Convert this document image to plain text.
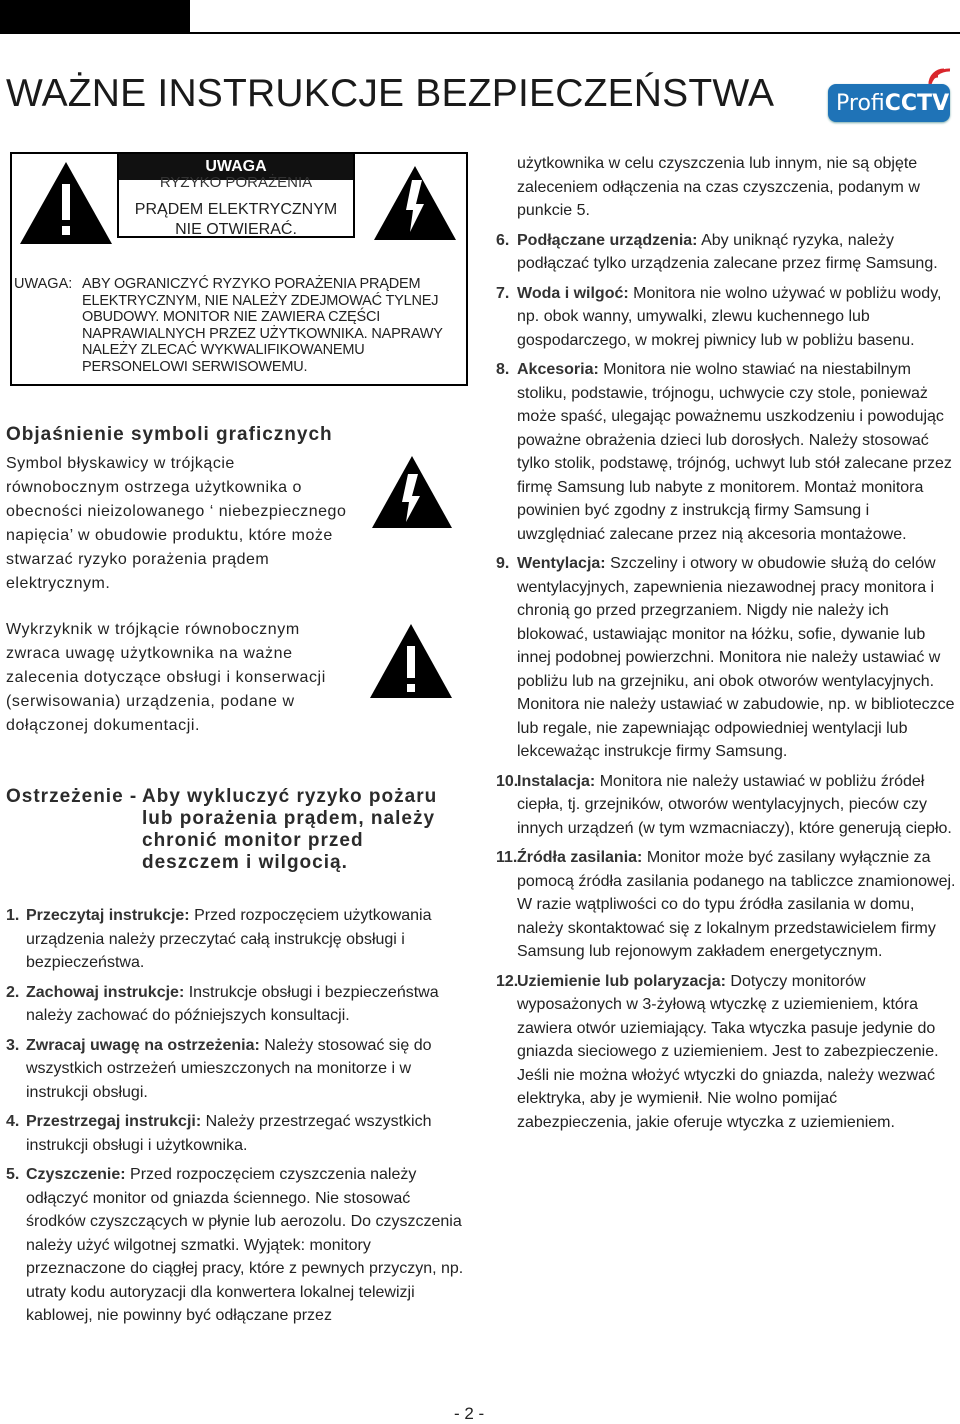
WAŻNE INSTRUKCJE BEZPIECZEŃSTWA	ProfiCCTV
UWAGA
RYZYKO PORAŻENIA
PRĄDEM ELEKTRYCZNYM
NIE OTWIERAĆ.
UWAGA: ABY OGRANICZYĆ RYZYKO PORAŻENIA PRĄDEM ELEKTRYCZNYM, NIE NALEŻY ZDEJMOWAĆ TYLNEJ OBUDOWY. MONITOR NIE ZAWIERA CZĘŚCI NAPRAWIALNYCH PRZEZ UŻYTKOWNIKA. NAPRAWY NALEŻY ZLECAĆ WYKWALIFIKOWANEMU PERSONELOWI SERWISOWEMU.
Objaśnienie symboli graficznych
Symbol błyskawicy w trójkącie równobocznym ostrzega użytkownika o obecności nieizolowanego ‘ niebezpiecznego napięcia’ w obudowie produktu, które może stwarzać ryzyko porażenia prądem elektrycznym.
Wykrzyknik w trójkącie równobocznym zwraca uwagę użytkownika na ważne zalecenia dotyczące obsługi i konserwacji (serwisowania) urządzenia, podane w dołączonej dokumentacji.
Ostrzeżenie - Aby wykluczyć ryzyko pożaru lub porażenia prądem, należy chronić monitor przed deszczem i wilgocią.
1. Przeczytaj instrukcje: Przed rozpoczęciem użytkowania urządzenia należy przeczytać całą instrukcję obsługi i bezpieczeństwa.
2. Zachowaj instrukcje: Instrukcje obsługi i bezpieczeństwa należy zachować do późniejszych konsultacji.
3. Zwracaj uwagę na ostrzeżenia: Należy stosować się do wszystkich ostrzeżeń umieszczonych na monitorze i w instrukcji obsługi.
4. Przestrzegaj instrukcji: Należy przestrzegać wszystkich instrukcji obsługi i użytkownika.
5. Czyszczenie: Przed rozpoczęciem czyszczenia należy odłączyć monitor od gniazda ściennego. Nie stosować środków czyszczących w płynie lub aerozolu. Do czyszczenia należy użyć wilgotnej szmatki. Wyjątek: monitory przeznaczone do ciągłej pracy, które z pewnych przyczyn, np. utraty kodu autoryzacji dla konwertera lokalnej telewizji kablowej, nie powinny być odłączane przez
użytkownika w celu czyszczenia lub innym, nie są objęte zaleceniem odłączenia na czas czyszczenia, podanym w punkcie 5.
6. Podłączane urządzenia: Aby uniknąć ryzyka, należy podłączać tylko urządzenia zalecane przez firmę Samsung.
7. Woda i wilgoć: Monitora nie wolno używać w pobliżu wody, np. obok wanny, umywalki, zlewu kuchennego lub gospodarczego, w mokrej piwnicy lub w pobliżu basenu.
8. Akcesoria: Monitora nie wolno stawiać na niestabilnym stoliku, podstawie, trójnogu, uchwycie czy stole, ponieważ może spaść, ulegając poważnemu uszkodzeniu i powodując poważne obrażenia dzieci lub dorosłych. Należy stosować tylko stolik, podstawę, trójnóg, uchwyt lub stół zalecane przez firmę Samsung lub nabyte z monitorem. Montaż monitora powinien być zgodny z instrukcją firmy Samsung i uwzględniać zalecane przez nią akcesoria montażowe.
9. Wentylacja: Szczeliny i otwory w obudowie służą do celów wentylacyjnych, zapewnienia niezawodnej pracy monitora i chronią go przed przegrzaniem. Nigdy nie należy ich blokować, ustawiając monitor na łóżku, sofie, dywanie lub innej podobnej powierzchni. Monitora nie należy ustawiać w pobliżu lub na grzejniku, ani obok otworów wentylacyjnych. Monitora nie należy ustawiać w zabudowie, np. w biblioteczce lub regale, nie zapewniając odpowiedniej wentylacji lub lekceważąc instrukcje firmy Samsung.
10.
Instalacja: Monitora nie należy ustawiać w pobliżu źródeł ciepła, tj. grzejników, otworów wentylacyjnych, pieców czy innych urządzeń (w tym wzmacniaczy), które generują ciepło.
11. Źródła zasilania: Monitor może być zasilany wyłącznie za pomocą źródła zasilania podanego na tabliczce znamionowej. W razie wątpliwości co do typu źródła zasilania w domu, należy skontaktować się z lokalnym przedstawicielem firmy Samsung lub rejonowym zakładem energetycznym.
12.
Uziemienie lub polaryzacja: Dotyczy monitorów wyposażonych w 3-żyłową wtyczkę z uziemieniem, która zawiera otwór uziemiający. Taka wtyczka pasuje jedynie do gniazda sieciowego z uziemieniem. Jest to zabezpieczenie. Jeśli nie można włożyć wtyczki do gniazda, należy wezwać elektryka, aby je wymienił. Nie wolno pomijać zabezpieczenia, jakie oferuje wtyczka z uziemieniem.
- 2 -
